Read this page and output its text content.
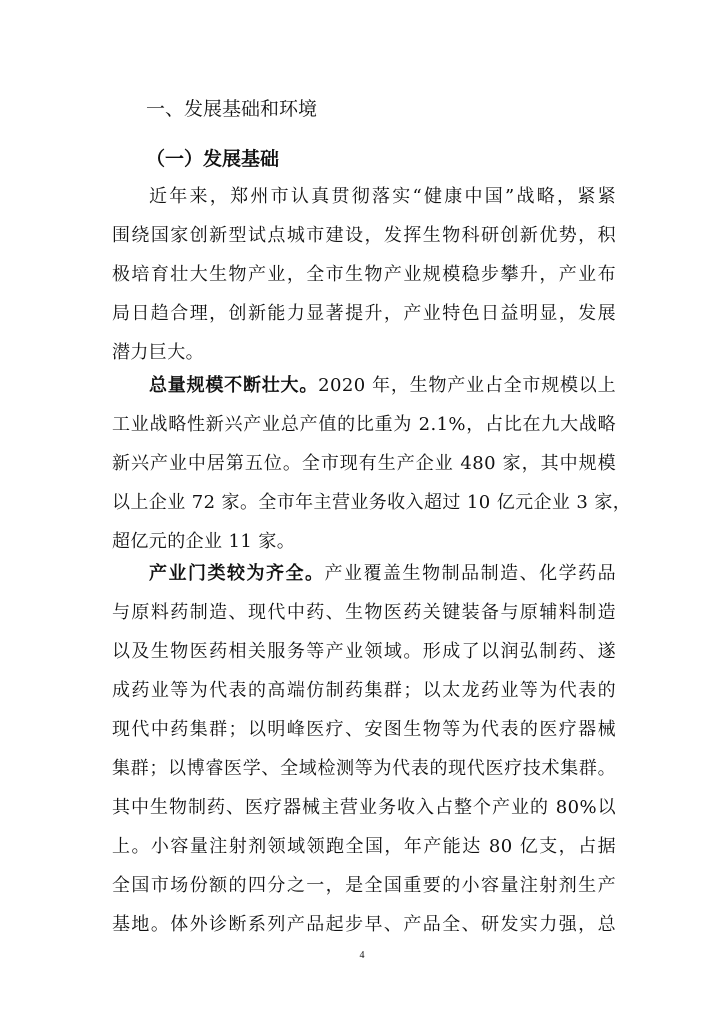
一、发展基础和环境
（一）发展基础
近年来，郑州市认真贯彻落实“健康中国”战略，紧紧
围绕国家创新型试点城市建设，发挥生物科研创新优势，积
极培育壮大生物产业，全市生物产业规模稳步攀升，产业布
局日趋合理，创新能力显著提升，产业特色日益明显，发展
潜力巨大。
总量规模不断壮大。2020 年，生物产业占全市规模以上
工业战略性新兴产业总产值的比重为 2.1%，占比在九大战略
新兴产业中居第五位。全市现有生产企业 480 家，其中规模
以上企业 72 家。全市年主营业务收入超过 10 亿元企业 3 家，
超亿元的企业 11 家。
产业门类较为齐全。产业覆盖生物制品制造、化学药品
与原料药制造、现代中药、生物医药关键装备与原辅料制造
以及生物医药相关服务等产业领域。形成了以润弘制药、遂
成药业等为代表的高端仿制药集群；以太龙药业等为代表的
现代中药集群；以明峰医疗、安图生物等为代表的医疗器械
集群；以博睿医学、全域检测等为代表的现代医疗技术集群。
其中生物制药、医疗器械主营业务收入占整个产业的 80%以
上。小容量注射剂领域领跑全国，年产能达 80 亿支，占据
全国市场份额的四分之一，是全国重要的小容量注射剂生产
基地。体外诊断系列产品起步早、产品全、研发实力强，总
4
